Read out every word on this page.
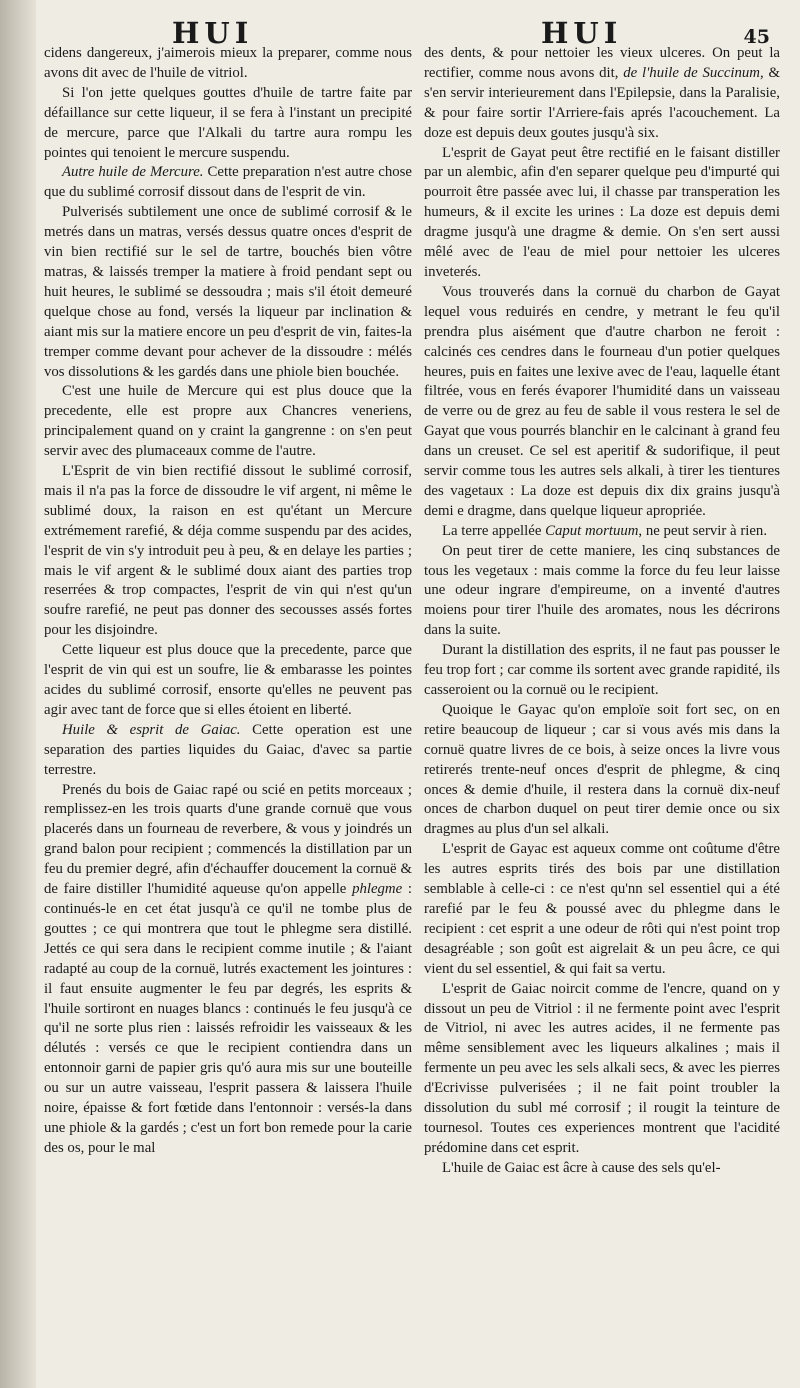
HUI	HUI	45

cidens dangereux, j'aimerois mieux la preparer, comme nous avons dit avec de l'huile de vitriol.

Si l'on jette quelques gouttes d'huile de tartre faite par défaillance sur cette liqueur, il se fera à l'instant un precipité de mercure, parce que l'Alkali du tartre aura rompu les pointes qui tenoient le mercure suspendu.

Autre huile de Mercure. Cette preparation n'est autre chose que du sublimé corrosif dissout dans de l'esprit de vin.

Pulverisés subtilement une once de sublimé corrosif & le metrés dans un matras, versés dessus quatre onces d'esprit de vin bien rectifié sur le sel de tartre, bouchés bien vôtre matras, & laissés tremper la matiere à froid pendant sept ou huit heures, le sublimé se dessoudra ; mais s'il étoit demeuré quelque chose au fond, versés la liqueur par inclination & aiant mis sur la matiere encore un peu d'esprit de vin, faites-la tremper comme devant pour achever de la dissoudre : mélés vos dissolutions & les gardés dans une phiole bien bouchée.

C'est une huile de Mercure qui est plus douce que la precedente, elle est propre aux Chancres veneriens, principalement quand on y craint la gangrenne : on s'en peut servir avec des plumaceaux comme de l'autre.

L'Esprit de vin bien rectifié dissout le sublimé corrosif, mais il n'a pas la force de dissoudre le vif argent, ni même le sublimé doux, la raison en est qu'étant un Mercure extrémement rarefié, & déja comme suspendu par des acides, l'esprit de vin s'y introduit peu à peu, & en delaye les parties ; mais le vif argent & le sublimé doux aiant des parties trop reserrées & trop compactes, l'esprit de vin qui n'est qu'un soufre rarefié, ne peut pas donner des secousses assés fortes pour les disjoindre.

Cette liqueur est plus douce que la precedente, parce que l'esprit de vin qui est un soufre, lie & embarasse les pointes acides du sublimé corrosif, ensorte qu'elles ne peuvent pas agir avec tant de force que si elles étoient en liberté.

Huile & esprit de Gaiac. Cette operation est une separation des parties liquides du Gaiac, d'avec sa partie terrestre.

Prenés du bois de Gaiac rapé ou scié en petits morceaux ; remplissez-en les trois quarts d'une grande cornuë que vous placerés dans un fourneau de reverbere, & vous y joindrés un grand balon pour recipient ; commencés la distillation par un feu du premier degré, afin d'échauffer doucement la cornuë & de faire distiller l'humidité aqueuse qu'on appelle phlegme : continués-le en cet état jusqu'à ce qu'il ne tombe plus de gouttes ; ce qui montrera que tout le phlegme sera distillé. Jettés ce qui sera dans le recipient comme inutile ; & l'aiant radapté au coup de la cornuë, lutrés exactement les jointures : il faut ensuite augmenter le feu par degrés, les esprits & l'huile sortiront en nuages blancs : continués le feu jusqu'à ce qu'il ne sorte plus rien : laissés refroidir les vaisseaux & les délutés : versés ce que le recipient contiendra dans un entonnoir garni de papier gris qu'ó aura mis sur une bouteille ou sur un autre vaisseau, l'esprit passera & laissera l'huile noire, épaisse & fort fœtide dans l'entonnoir : versés-la dans une phiole & la gardés ; c'est un fort bon remede pour la carie des os, pour le mal

des dents, & pour nettoier les vieux ulceres. On peut la rectifier, comme nous avons dit, de l'huile de Succinum, & s'en servir interieurement dans l'Epilepsie, dans la Paralisie, & pour faire sortir l'Arriere-fais aprés l'acouchement. La doze est depuis deux goutes jusqu'à six.

L'esprit de Gayat peut être rectifié en le faisant distiller par un alembic, afin d'en separer quelque peu d'impurté qui pourroit être passée avec lui, il chasse par transperation les humeurs, & il excite les urines : La doze est depuis demi dragme jusqu'à une dragme & demie. On s'en sert aussi mêlé avec de l'eau de miel pour nettoier les ulceres inveterés.

Vous trouverés dans la cornuë du charbon de Gayat lequel vous reduirés en cendre, y metrant le feu qu'il prendra plus aisément que d'autre charbon ne feroit : calcinés ces cendres dans le fourneau d'un potier quelques heures, puis en faites une lexive avec de l'eau, laquelle étant filtrée, vous en ferés évaporer l'humidité dans un vaisseau de verre ou de grez au feu de sable il vous restera le sel de Gayat que vous pourrés blanchir en le calcinant à grand feu dans un creuset. Ce sel est aperitif & sudorifique, il peut servir comme tous les autres sels alkali, à tirer les tientures des vagetaux : La doze est depuis dix dix grains jusqu'à demi e dragme, dans quelque liqueur apropriée.

La terre appellée Caput mortuum, ne peut servir à rien.

On peut tirer de cette maniere, les cinq substances de tous les vegetaux : mais comme la force du feu leur laisse une odeur ingrare d'empireume, on a inventé d'autres moiens pour tirer l'huile des aromates, nous les décrirons dans la suite.

Durant la distillation des esprits, il ne faut pas pousser le feu trop fort ; car comme ils sortent avec grande rapidité, ils casseroient ou la cornuë ou le recipient.

Quoique le Gayac qu'on emploïe soit fort sec, on en retire beaucoup de liqueur ; car si vous avés mis dans la cornuë quatre livres de ce bois, à seize onces la livre vous retirerés trente-neuf onces d'esprit de phlegme, & cinq onces & demie d'huile, il restera dans la cornuë dix-neuf onces de charbon duquel on peut tirer demie once ou six dragmes au plus d'un sel alkali.

L'esprit de Gayac est aqueux comme ont coûtume d'être les autres esprits tirés des bois par une distillation semblable à celle-ci : ce n'est qu'nn sel essentiel qui a été rarefié par le feu & poussé avec du phlegme dans le recipient : cet esprit a une odeur de rôti qui n'est point trop desagréable ; son goût est aigrelait & un peu âcre, ce qui vient du sel essentiel, & qui fait sa vertu.

L'esprit de Gaiac noircit comme de l'encre, quand on y dissout un peu de Vitriol : il ne fermente point avec l'esprit de Vitriol, ni avec les autres acides, il ne fermente pas même sensiblement avec les liqueurs alkalines ; mais il fermente un peu avec les sels alkali secs, & avec les pierres d'Ecrivisse pulverisées ; il ne fait point troubler la dissolution du subl mé corrosif ; il rougit la teinture de tournesol. Toutes ces experiences montrent que l'acidité prédomine dans cet esprit.

L'huile de Gaiac est âcre à cause des sels qu'el-
